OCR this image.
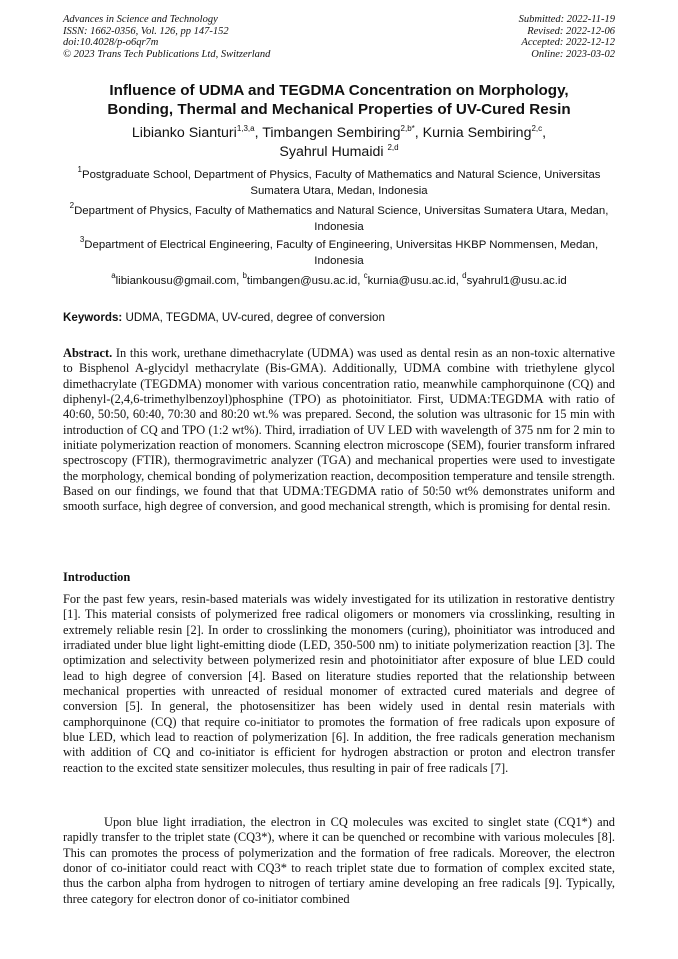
Advances in Science and Technology
ISSN: 1662-0356, Vol. 126, pp 147-152
doi:10.4028/p-o6qr7m
© 2023 Trans Tech Publications Ltd, Switzerland
Submitted: 2022-11-19
Revised: 2022-12-06
Accepted: 2022-12-12
Online: 2023-03-02
Influence of UDMA and TEGDMA Concentration on Morphology,
Bonding, Thermal and Mechanical Properties of UV-Cured Resin
Libianko Sianturi$^{1,3,a}$, Timbangen Sembiring$^{2,b*}$, Kurnia Sembiring$^{2,c}$,
Syahrul Humaidi $^{2,d}$
$^1$Postgraduate School, Department of Physics, Faculty of Mathematics and Natural Science, Universitas Sumatera Utara, Medan, Indonesia
$^2$Department of Physics, Faculty of Mathematics and Natural Science, Universitas Sumatera Utara, Medan, Indonesia
$^3$Department of Electrical Engineering, Faculty of Engineering, Universitas HKBP Nommensen, Medan, Indonesia
$^a$libiankousu@gmail.com, $^b$timbangen@usu.ac.id, $^c$kurnia@usu.ac.id, $^d$syahrul1@usu.ac.id
Keywords: UDMA, TEGDMA, UV-cured, degree of conversion
Abstract. In this work, urethane dimethacrylate (UDMA) was used as dental resin as an non-toxic alternative to Bisphenol A-glycidyl methacrylate (Bis-GMA). Additionally, UDMA combine with triethylene glycol dimethacrylate (TEGDMA) monomer with various concentration ratio, meanwhile camphorquinone (CQ) and diphenyl-(2,4,6-trimethylbenzoyl)phosphine (TPO) as photoinitiator. First, UDMA:TEGDMA with ratio of 40:60, 50:50, 60:40, 70:30 and 80:20 wt.% was prepared. Second, the solution was ultrasonic for 15 min with introduction of CQ and TPO (1:2 wt%). Third, irradiation of UV LED with wavelength of 375 nm for 2 min to initiate polymerization reaction of monomers. Scanning electron microscope (SEM), fourier transform infrared spectroscopy (FTIR), thermogravimetric analyzer (TGA) and mechanical properties were used to investigate the morphology, chemical bonding of polymerization reaction, decomposition temperature and tensile strength. Based on our findings, we found that that UDMA:TEGDMA ratio of 50:50 wt% demonstrates uniform and smooth surface, high degree of conversion, and good mechanical strength, which is promising for dental resin.
Introduction
For the past few years, resin-based materials was widely investigated for its utilization in restorative dentistry [1]. This material consists of polymerized free radical oligomers or monomers via crosslinking, resulting in extremely reliable resin [2]. In order to crosslinking the monomers (curing), phoinitiator was introduced and irradiated under blue light light-emitting diode (LED, 350-500 nm) to initiate polymerization reaction [3]. The optimization and selectivity between polymerized resin and photoinitiator after exposure of blue LED could lead to high degree of conversion [4]. Based on literature studies reported that the relationship between mechanical properties with unreacted of residual monomer of extracted cured materials and degree of conversion [5]. In general, the photosensitizer has been widely used in dental resin materials with camphorquinone (CQ) that require co-initiator to promotes the formation of free radicals upon exposure of blue LED, which lead to reaction of polymerization [6]. In addition, the free radicals generation mechanism with addition of CQ and co-initiator is efficient for hydrogen abstraction or proton and electron transfer reaction to the excited state sensitizer molecules, thus resulting in pair of free radicals [7].
Upon blue light irradiation, the electron in CQ molecules was excited to singlet state (CQ1*) and rapidly transfer to the triplet state (CQ3*), where it can be quenched or recombine with various molecules [8]. This can promotes the process of polymerization and the formation of free radicals. Moreover, the electron donor of co-initiator could react with CQ3* to reach triplet state due to formation of complex excited state, thus the carbon alpha from hydrogen to nitrogen of tertiary amine developing an free radicals [9]. Typically, three category for electron donor of co-initiator combined
